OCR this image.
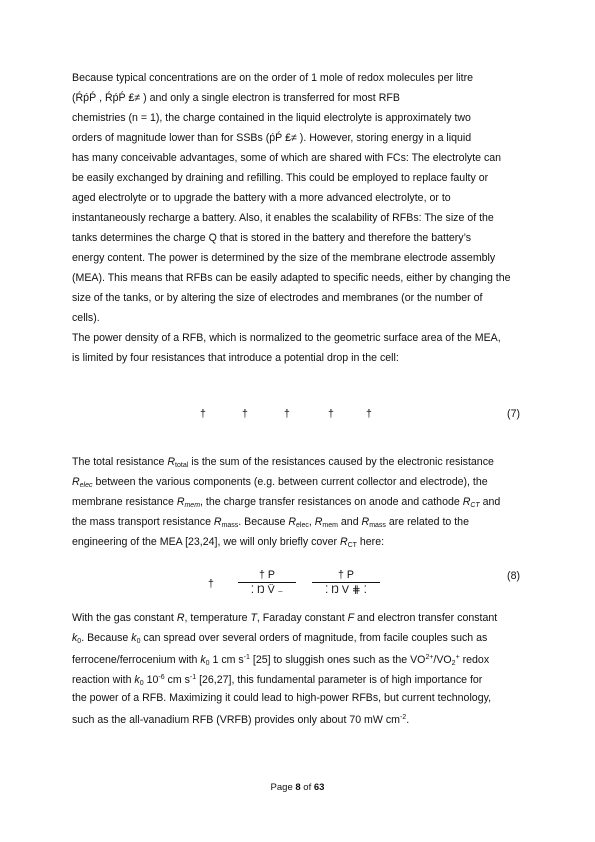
Because typical concentrations are on the order of 1 mole of redox molecules per litre
(ŔṕṔ , ŔṕṔ ₤≠ ) and only a single electron is transferred for most RFB
chemistries (n = 1), the charge contained in the liquid electrolyte is approximately two
orders of magnitude lower than for SSBs (ṕṔ ₤≠ ). However, storing energy in a liquid
has many conceivable advantages, some of which are shared with FCs: The electrolyte can
be easily exchanged by draining and refilling. This could be employed to replace faulty or
aged electrolyte or to upgrade the battery with a more advanced electrolyte, or to
instantaneously recharge a battery. Also, it enables the scalability of RFBs: The size of the
tanks determines the charge Q that is stored in the battery and therefore the battery’s
energy content. The power is determined by the size of the membrane electrode assembly
(MEA). This means that RFBs can be easily adapted to specific needs, either by changing the
size of the tanks, or by altering the size of electrodes and membranes (or the number of
cells).
The power density of a RFB, which is normalized to the geometric surface area of the MEA,
is limited by four resistances that introduce a potential drop in the cell:
†	†	†	†	†	(7)
The total resistance $R_{total}$ is the sum of the resistances caused by the electronic resistance
$R_{elec}$ between the various components (e.g. between current collector and electrode), the
membrane resistance $R_{mem}$, the charge transfer resistances on anode and cathode $R_{CT}$ and
the mass transport resistance $R_{mass}$. Because $R_{elec}$, $R_{mem}$ and $R_{mass}$ are related to the
engineering of the MEA [23,24], we will only briefly cover $R_{CT}$ here:
†
† P
⁚ Ŋ V̈ ₋
† P
⁚ Ŋ V ⋕ ⁚
(8)
With the gas constant R, temperature T, Faraday constant F and electron transfer constant
$k_0$. Because $k_0$ can spread over several orders of magnitude, from facile couples such as
ferrocene/ferrocenium with $k_0$ 1 cm $s^{-1}$ [25] to sluggish ones such as the $VO^{2+}/VO_2^+$ redox
reaction with $k_0$ $10^{-6}$ cm $s^{-1}$ [26,27], this fundamental parameter is of high importance for
the power of a RFB. Maximizing it could lead to high-power RFBs, but current technology,
such as the all-vanadium RFB (VRFB) provides only about 70 mW $cm^{-2}$.
Page 8 of 63
